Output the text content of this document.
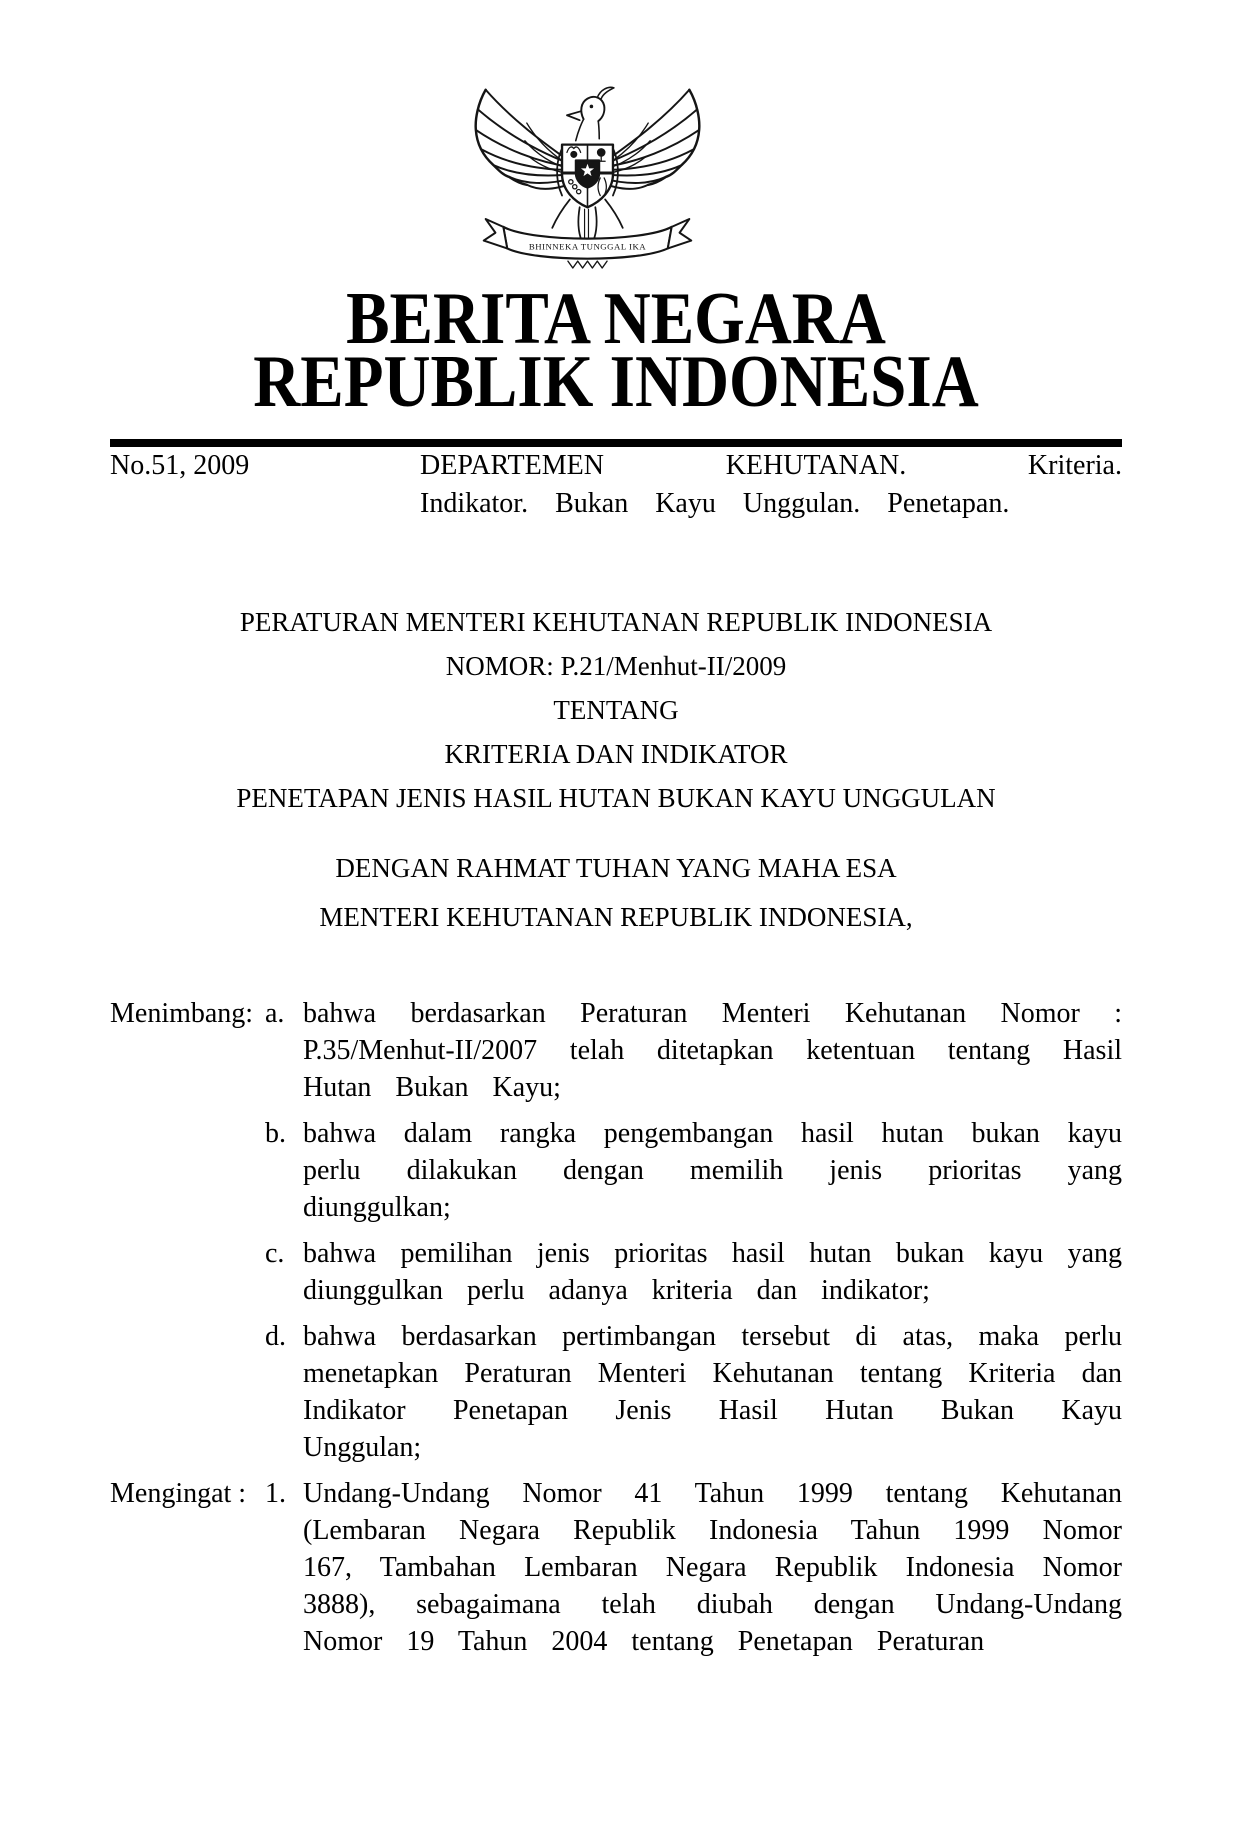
BHINNEKA TUNGGAL IKA
BERITA NEGARA
REPUBLIK INDONESIA
No.51, 2009	DEPARTEMEN	KEHUTANAN.	Kriteria.
Indikator. Bukan Kayu Unggulan. Penetapan.
PERATURAN MENTERI KEHUTANAN REPUBLIK INDONESIA
NOMOR: P.21/Menhut-II/2009
TENTANG
KRITERIA DAN INDIKATOR
PENETAPAN JENIS HASIL HUTAN BUKAN KAYU UNGGULAN
DENGAN RAHMAT TUHAN YANG MAHA ESA
MENTERI KEHUTANAN REPUBLIK INDONESIA,
Menimbang: a. bahwa berdasarkan Peraturan Menteri Kehutanan Nomor : P.35/Menhut-II/2007 telah ditetapkan ketentuan tentang Hasil Hutan Bukan Kayu;
b. bahwa dalam rangka pengembangan hasil hutan bukan kayu perlu dilakukan dengan memilih jenis prioritas yang diunggulkan;
c. bahwa pemilihan jenis prioritas hasil hutan bukan kayu yang diunggulkan perlu adanya kriteria dan indikator;
d. bahwa berdasarkan pertimbangan tersebut di atas, maka perlu menetapkan Peraturan Menteri Kehutanan tentang Kriteria dan Indikator Penetapan Jenis Hasil Hutan Bukan Kayu Unggulan;
Mengingat : 1. Undang-Undang Nomor 41 Tahun 1999 tentang Kehutanan (Lembaran Negara Republik Indonesia Tahun 1999 Nomor 167, Tambahan Lembaran Negara Republik Indonesia Nomor 3888), sebagaimana telah diubah dengan Undang-Undang Nomor 19 Tahun 2004 tentang Penetapan Peraturan
